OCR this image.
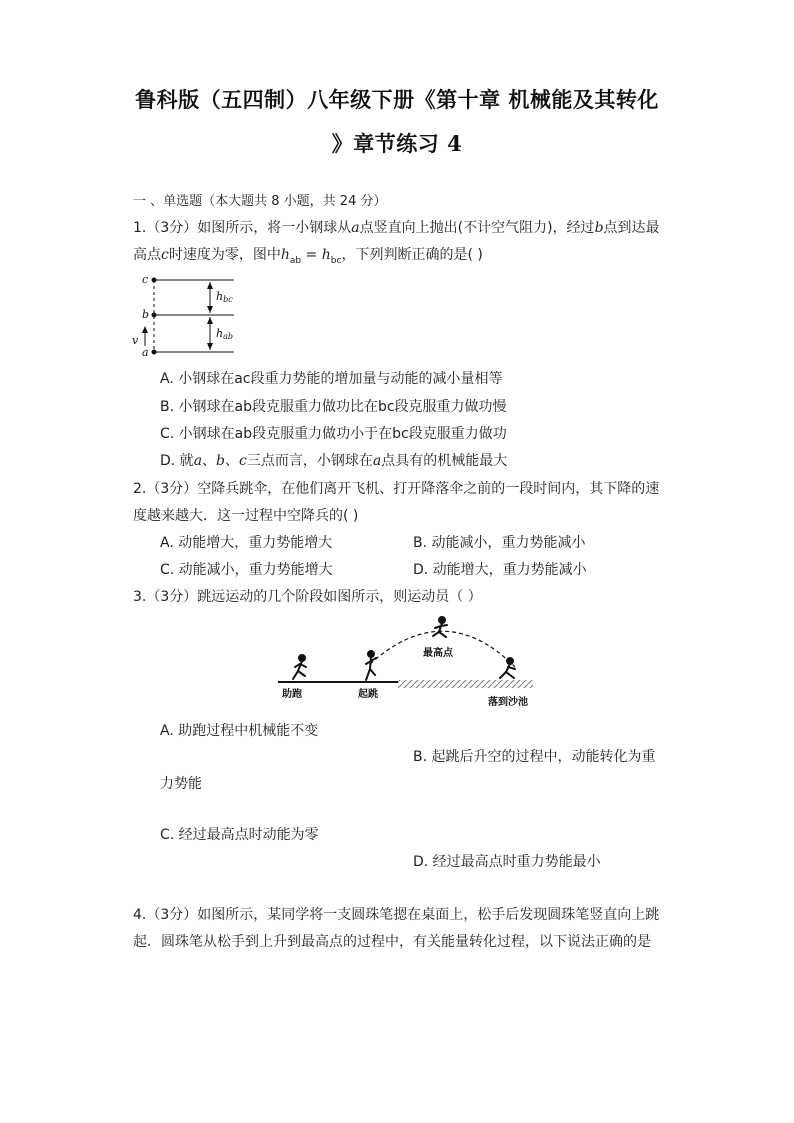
鲁科版（五四制）八年级下册《第十章 机械能及其转化
》章节练习 4
一 、单选题（本大题共 8 小题，共 24 分）
1.（3分）如图所示，将一小钢球从a点竖直向上抛出(不计空气阻力)，经过b点到达最
高点c时速度为零，图中$h_{ab} = h_{bc}$，下列判断正确的是( )
c
b
a
v
hbc
hab
A. 小钢球在ac段重力势能的增加量与动能的减小量相等
B. 小钢球在ab段克服重力做功比在bc段克服重力做功慢
C. 小钢球在ab段克服重力做功小于在bc段克服重力做功
D. 就a、b、c三点而言，小钢球在a点具有的机械能最大
2.（3分）空降兵跳伞，在他们离开飞机、打开降落伞之前的一段时间内，其下降的速
度越来越大．这一过程中空降兵的( )
A. 动能增大，重力势能增大	B. 动能减小，重力势能减小
C. 动能减小，重力势能增大	D. 动能增大，重力势能减小
3.（3分）跳远运动的几个阶段如图所示，则运动员（ ）
助跑	起跳
最高点
落到沙池
A. 助跑过程中机械能不变
B. 起跳后升空的过程中，动能转化为重
力势能
C. 经过最高点时动能为零
D. 经过最高点时重力势能最小
4.（3分）如图所示，某同学将一支圆珠笔摁在桌面上，松手后发现圆珠笔竖直向上跳
起．圆珠笔从松手到上升到最高点的过程中，有关能量转化过程，以下说法正确的是
